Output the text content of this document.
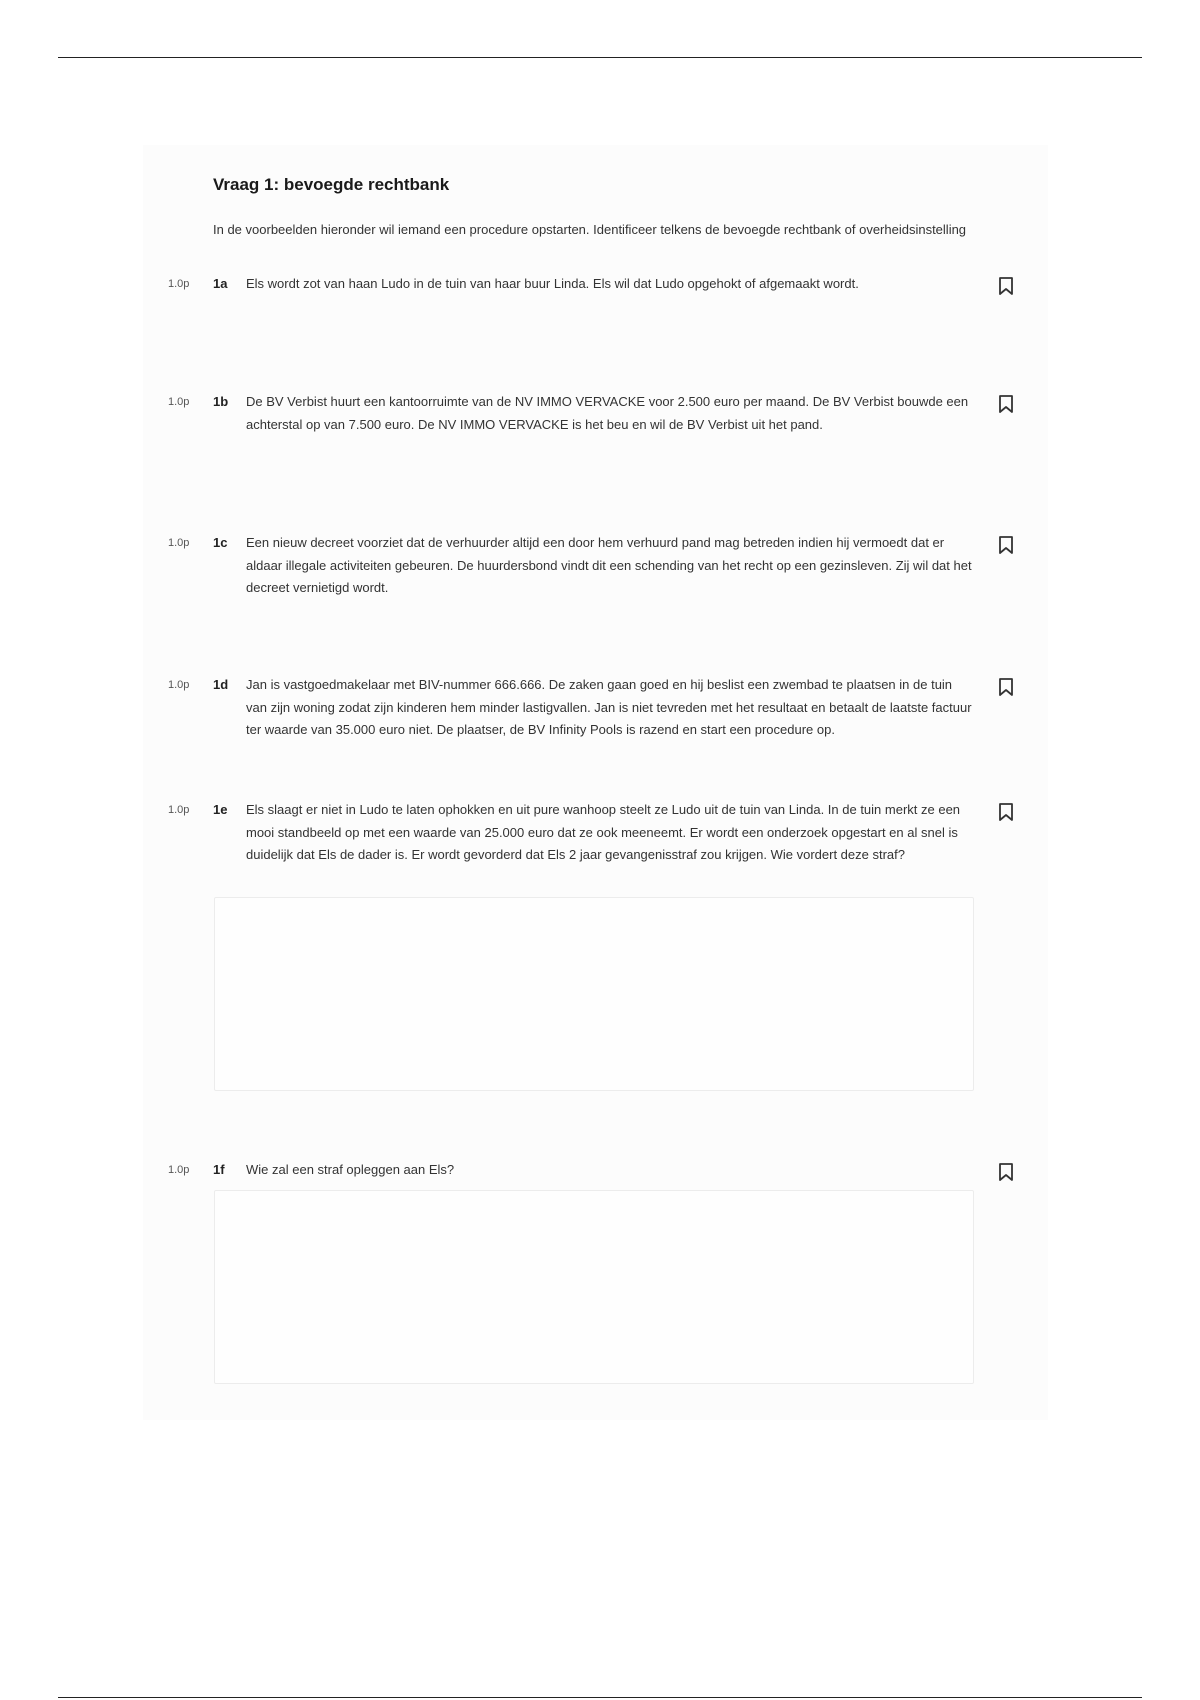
Vraag 1: bevoegde rechtbank
In de voorbeelden hieronder wil iemand een procedure opstarten. Identificeer telkens de bevoegde rechtbank of overheidsinstelling
1.0p 1a Els wordt zot van haan Ludo in de tuin van haar buur Linda. Els wil dat Ludo opgehokt of afgemaakt wordt.
1.0p 1b De BV Verbist huurt een kantoorruimte van de NV IMMO VERVACKE voor 2.500 euro per maand. De BV Verbist bouwde een achterstal op van 7.500 euro. De NV IMMO VERVACKE is het beu en wil de BV Verbist uit het pand.
1.0p 1c Een nieuw decreet voorziet dat de verhuurder altijd een door hem verhuurd pand mag betreden indien hij vermoedt dat er aldaar illegale activiteiten gebeuren. De huurdersbond vindt dit een schending van het recht op een gezinsleven. Zij wil dat het decreet vernietigd wordt.
1.0p 1d Jan is vastgoedmakelaar met BIV-nummer 666.666. De zaken gaan goed en hij beslist een zwembad te plaatsen in de tuin van zijn woning zodat zijn kinderen hem minder lastigvallen. Jan is niet tevreden met het resultaat en betaalt de laatste factuur ter waarde van 35.000 euro niet. De plaatser, de BV Infinity Pools is razend en start een procedure op.
1.0p 1e Els slaagt er niet in Ludo te laten ophokken en uit pure wanhoop steelt ze Ludo uit de tuin van Linda. In de tuin merkt ze een mooi standbeeld op met een waarde van 25.000 euro dat ze ook meeneemt. Er wordt een onderzoek opgestart en al snel is duidelijk dat Els de dader is. Er wordt gevorderd dat Els 2 jaar gevangenisstraf zou krijgen. Wie vordert deze straf?
1.0p 1f Wie zal een straf opleggen aan Els?
